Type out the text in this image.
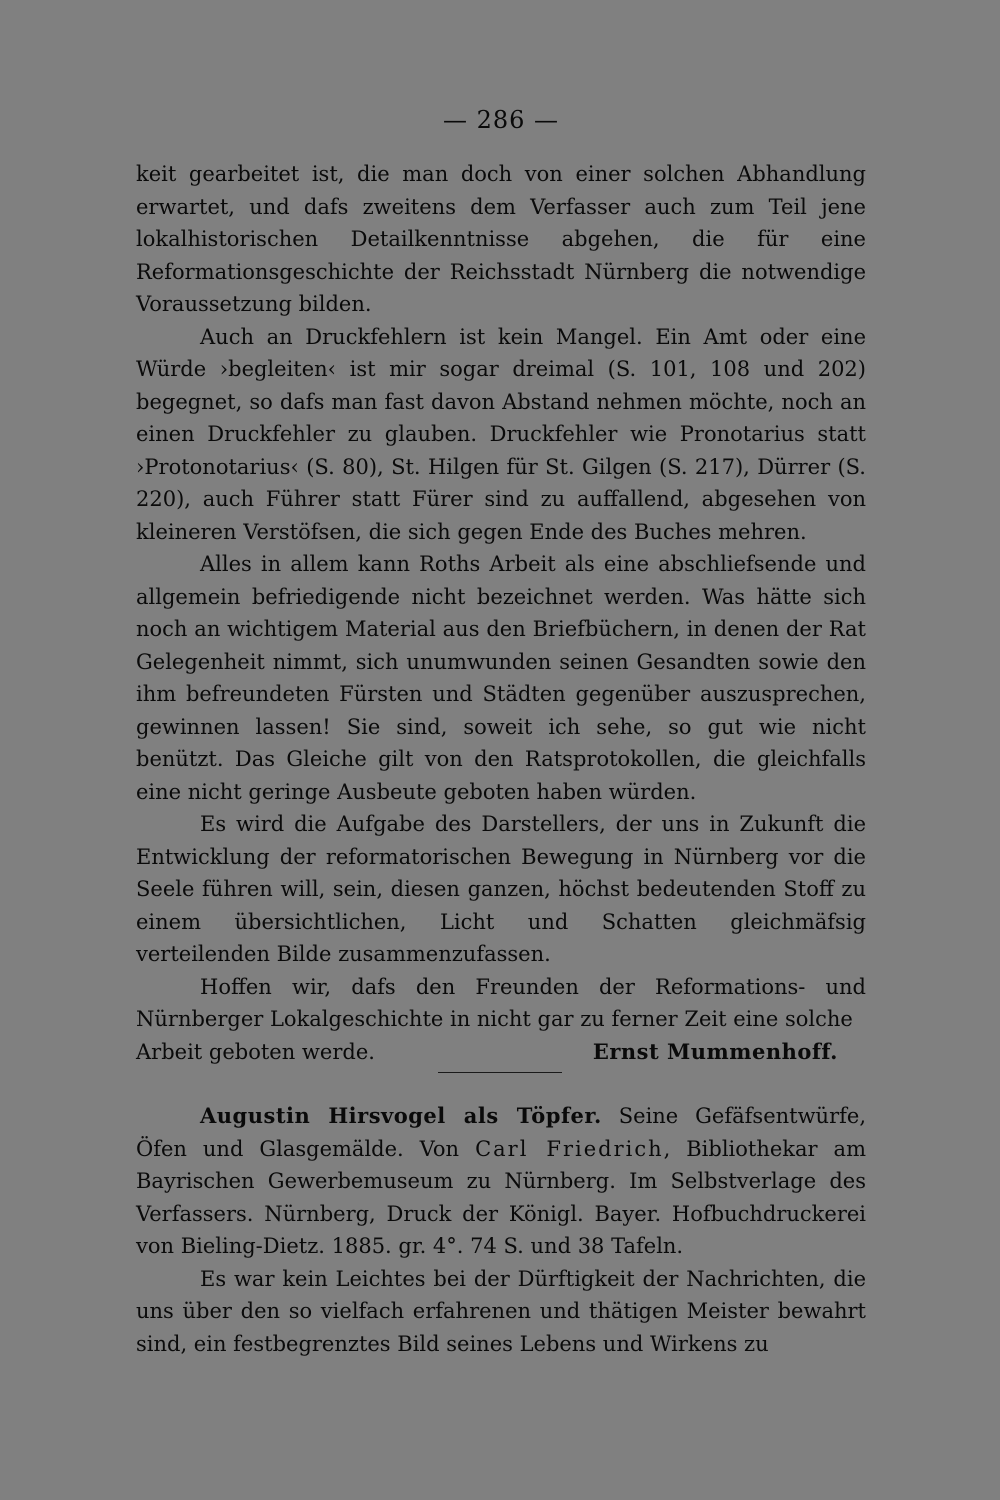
— 286 —

keit gearbeitet ist, die man doch von einer solchen Abhandlung erwartet, und dafs zweitens dem Verfasser auch zum Teil jene lokalhistorischen Detailkenntnisse abgehen, die für eine Reformationsgeschichte der Reichsstadt Nürnberg die notwendige Voraussetzung bilden.

Auch an Druckfehlern ist kein Mangel. Ein Amt oder eine Würde ›begleiten‹ ist mir sogar dreimal (S. 101, 108 und 202) begegnet, so dafs man fast davon Abstand nehmen möchte, noch an einen Druckfehler zu glauben. Druckfehler wie Pronotarius statt ›Protonotarius‹ (S. 80), St. Hilgen für St. Gilgen (S. 217), Dürrer (S. 220), auch Führer statt Fürer sind zu auffallend, abgesehen von kleineren Verstöfsen, die sich gegen Ende des Buches mehren.

Alles in allem kann Roths Arbeit als eine abschliefsende und allgemein befriedigende nicht bezeichnet werden. Was hätte sich noch an wichtigem Material aus den Briefbüchern, in denen der Rat Gelegenheit nimmt, sich unumwunden seinen Gesandten sowie den ihm befreundeten Fürsten und Städten gegenüber auszusprechen, gewinnen lassen! Sie sind, soweit ich sehe, so gut wie nicht benützt. Das Gleiche gilt von den Ratsprotokollen, die gleichfalls eine nicht geringe Ausbeute geboten haben würden.

Es wird die Aufgabe des Darstellers, der uns in Zukunft die Entwicklung der reformatorischen Bewegung in Nürnberg vor die Seele führen will, sein, diesen ganzen, höchst bedeutenden Stoff zu einem übersichtlichen, Licht und Schatten gleichmäfsig verteilenden Bilde zusammenzufassen.

Hoffen wir, dafs den Freunden der Reformations- und Nürnberger Lokalgeschichte in nicht gar zu ferner Zeit eine solche

Arbeit geboten werde.	Ernst Mummenhoff.

Augustin Hirsvogel als Töpfer. Seine Gefäfsentwürfe, Öfen und Glasgemälde. Von Carl Friedrich, Bibliothekar am Bayrischen Gewerbemuseum zu Nürnberg. Im Selbstverlage des Verfassers. Nürnberg, Druck der Königl. Bayer. Hofbuchdruckerei von Bieling-Dietz. 1885. gr. 4°. 74 S. und 38 Tafeln.

Es war kein Leichtes bei der Dürftigkeit der Nachrichten, die uns über den so vielfach erfahrenen und thätigen Meister bewahrt sind, ein festbegrenztes Bild seines Lebens und Wirkens zu
